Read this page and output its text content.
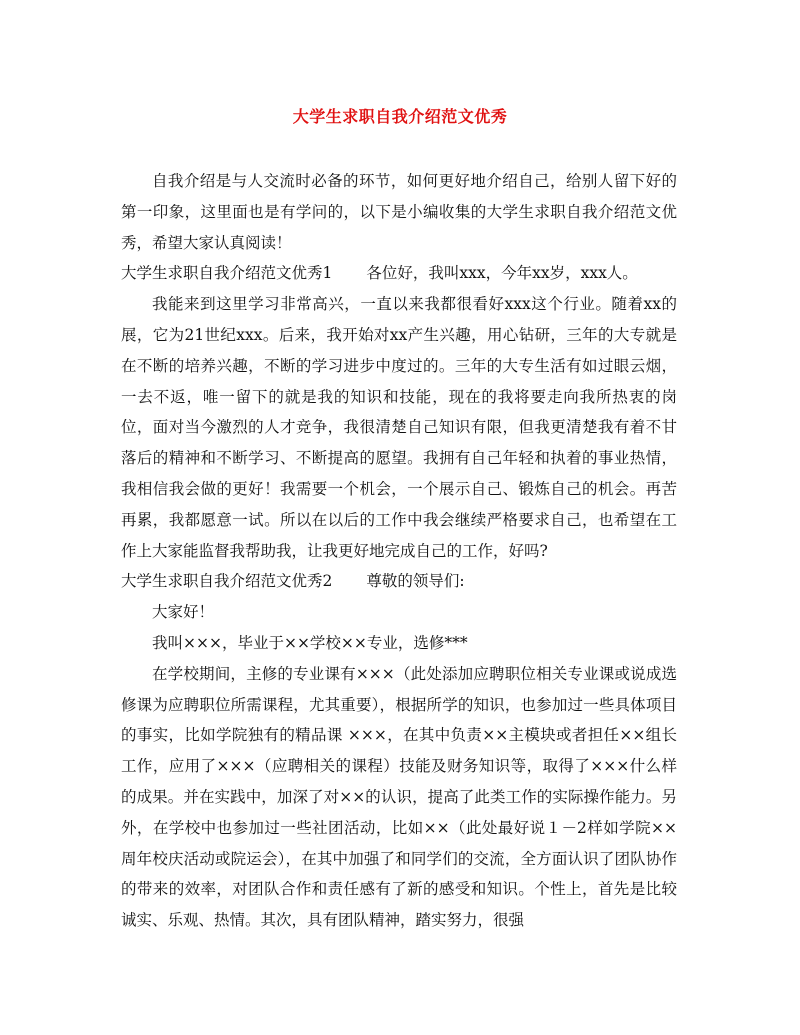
大学生求职自我介绍范文优秀

自我介绍是与人交流时必备的环节，如何更好地介绍自己，给别人留下好的第一印象，这里面也是有学问的，以下是小编收集的大学生求职自我介绍范文优秀，希望大家认真阅读！

大学生求职自我介绍范文优秀1 各位好，我叫xxx，今年xx岁，xxx人。

我能来到这里学习非常高兴，一直以来我都很看好xxx这个行业。随着xx的展，它为21世纪xxx。后来，我开始对xx产生兴趣，用心钻研，三年的大专就是在不断的培养兴趣，不断的学习进步中度过的。三年的大专生活有如过眼云烟，一去不返，唯一留下的就是我的知识和技能，现在的我将要走向我所热衷的岗位，面对当今激烈的人才竞争，我很清楚自己知识有限，但我更清楚我有着不甘落后的精神和不断学习、不断提高的愿望。我拥有自己年轻和执着的事业热情，我相信我会做的更好！我需要一个机会，一个展示自己、锻炼自己的机会。再苦再累，我都愿意一试。所以在以后的工作中我会继续严格要求自己，也希望在工作上大家能监督我帮助我，让我更好地完成自己的工作，好吗?

大学生求职自我介绍范文优秀2 尊敬的领导们:

大家好！

我叫×××，毕业于××学校××专业，选修***

在学校期间，主修的专业课有×××（此处添加应聘职位相关专业课或说成选修课为应聘职位所需课程，尤其重要），根据所学的知识，也参加过一些具体项目的事实，比如学院独有的精品课 ×××，在其中负责××主模块或者担任××组长工作，应用了×××（应聘相关的课程）技能及财务知识等，取得了×××什么样的成果。并在实践中，加深了对××的认识，提高了此类工作的实际操作能力。另外，在学校中也参加过一些社团活动，比如××（此处最好说１－2样如学院××周年校庆活动或院运会），在其中加强了和同学们的交流，全方面认识了团队协作的带来的效率，对团队合作和责任感有了新的感受和知识。个性上，首先是比较诚实、乐观、热情。其次，具有团队精神，踏实努力，很强
